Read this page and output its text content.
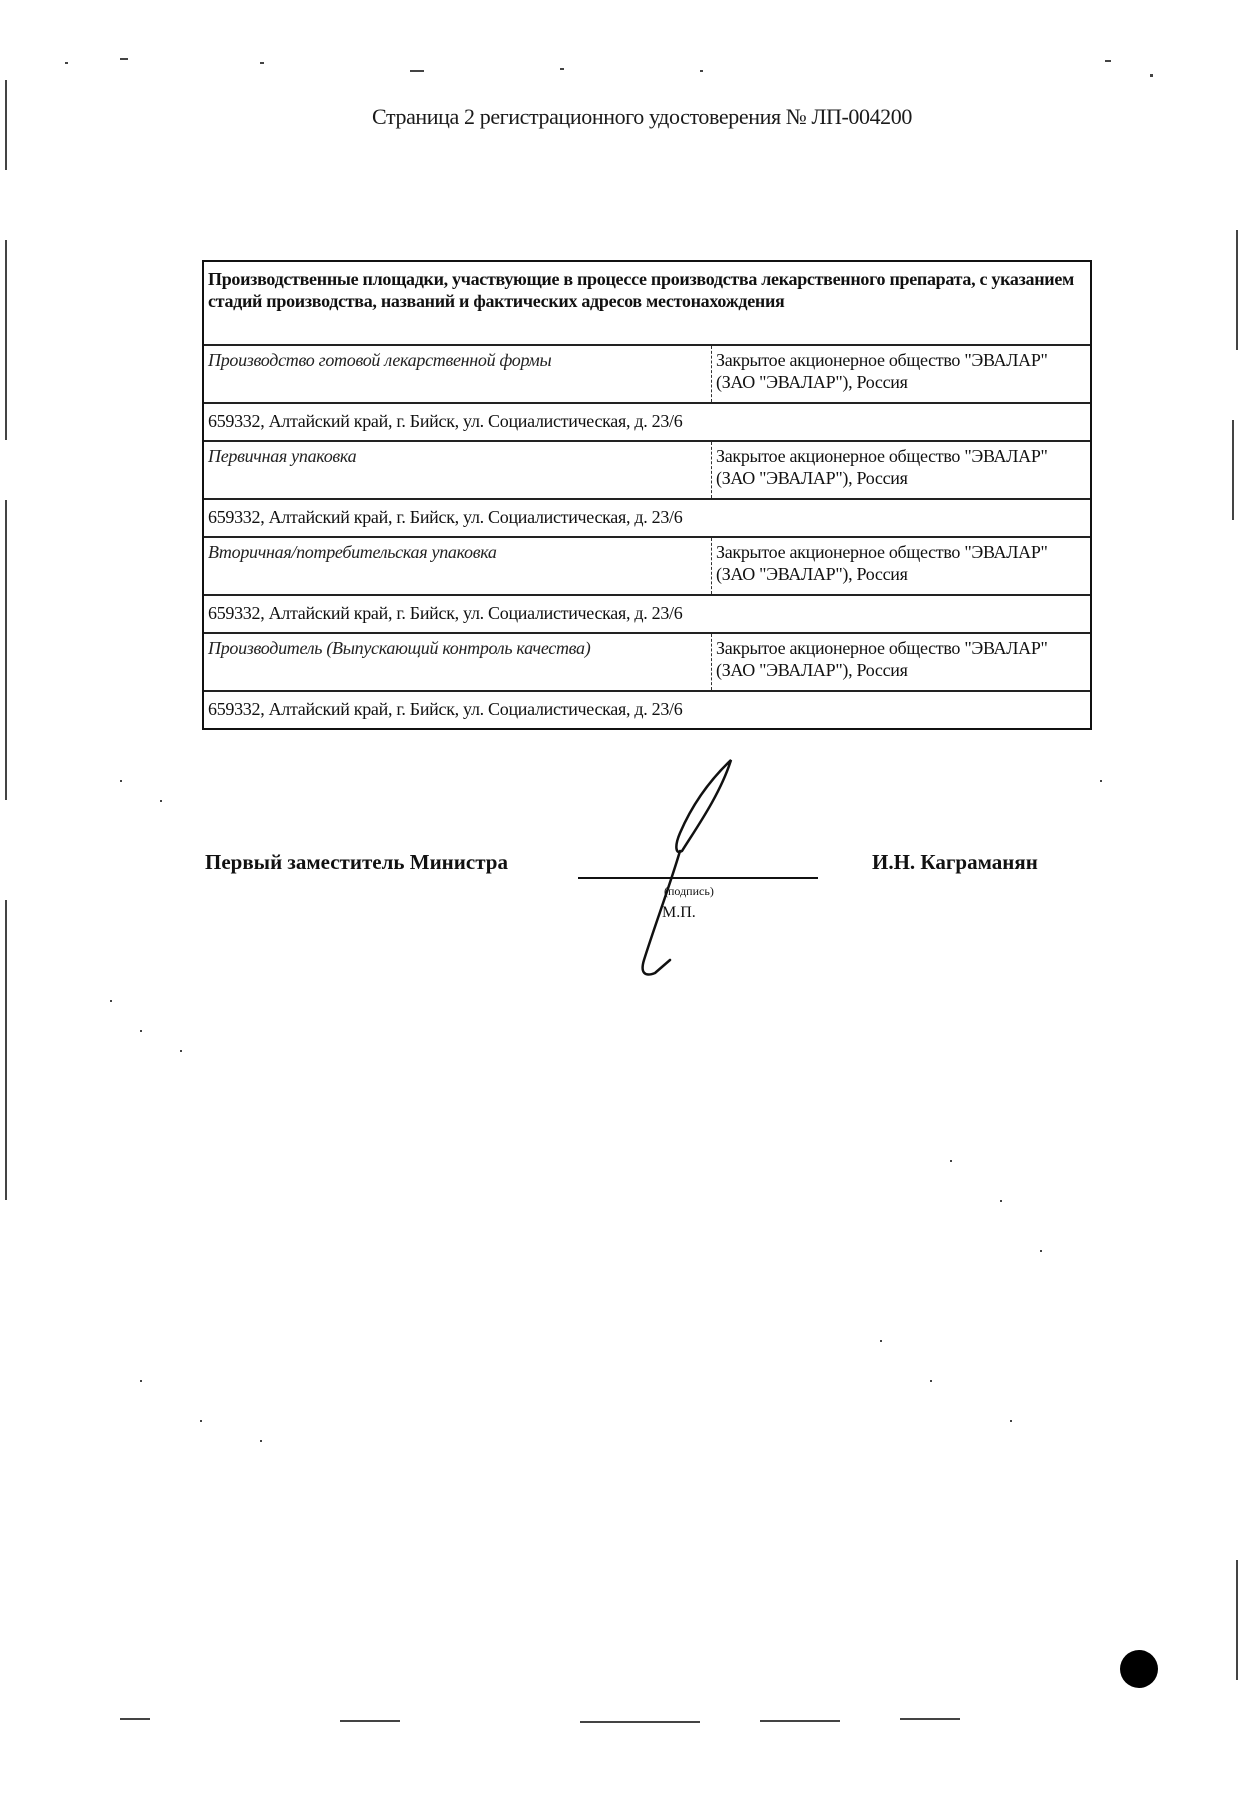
Страница 2 регистрационного удостоверения № ЛП-004200
Производственные площадки, участвующие в процессе производства лекарственного препарата, с указанием стадий производства, названий и фактических адресов местонахождения
Производство готовой лекарственной формы	Закрытое акционерное общество "ЭВАЛАР" (ЗАО "ЭВАЛАР"), Россия
659332, Алтайский край, г. Бийск, ул. Социалистическая, д. 23/6
Первичная упаковка	Закрытое акционерное общество "ЭВАЛАР" (ЗАО "ЭВАЛАР"), Россия
659332, Алтайский край, г. Бийск, ул. Социалистическая, д. 23/6
Вторичная/потребительская упаковка	Закрытое акционерное общество "ЭВАЛАР" (ЗАО "ЭВАЛАР"), Россия
659332, Алтайский край, г. Бийск, ул. Социалистическая, д. 23/6
Производитель (Выпускающий контроль качества)	Закрытое акционерное общество "ЭВАЛАР" (ЗАО "ЭВАЛАР"), Россия
659332, Алтайский край, г. Бийск, ул. Социалистическая, д. 23/6
Первый заместитель Министра
(подпись)
М.П.
И.Н. Каграманян
